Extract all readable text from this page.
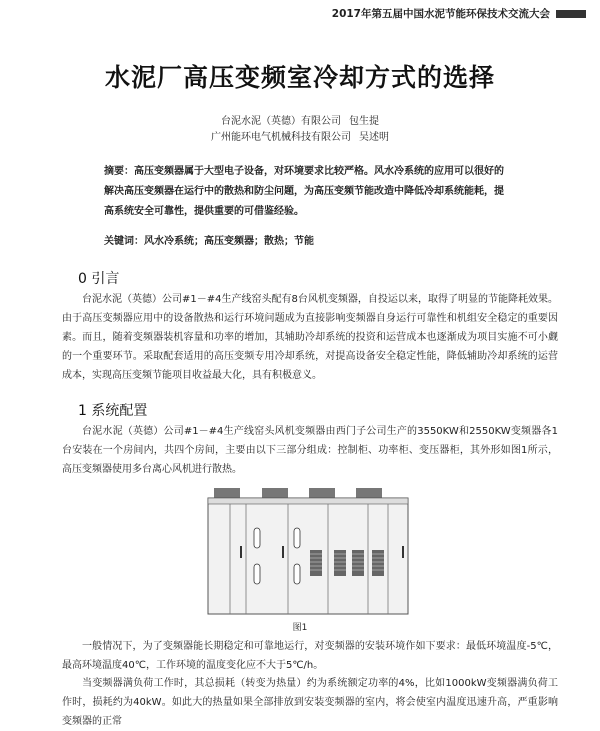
2017年第五届中国水泥节能环保技术交流大会
水泥厂高压变频室冷却方式的选择
台泥水泥（英德）有限公司 包生提
广州能环电气机械科技有限公司 吴述明
摘要：高压变频器属于大型电子设备，对环境要求比较严格。风水冷系统的应用可以很好的解决高压变频器在运行中的散热和防尘问题，为高压变频节能改造中降低冷却系统能耗，提高系统安全可靠性，提供重要的可借鉴经验。
关键词：风水冷系统；高压变频器；散热；节能
0 引言
台泥水泥（英德）公司#1－#4生产线窑头配有8台风机变频器，自投运以来，取得了明显的节能降耗效果。由于高压变频器应用中的设备散热和运行环境问题成为直接影响变频器自身运行可靠性和机组安全稳定的重要因素。而且，随着变频器装机容量和功率的增加，其辅助冷却系统的投资和运营成本也逐渐成为项目实施不可小觑的一个重要环节。采取配套适用的高压变频专用冷却系统，对提高设备安全稳定性能，降低辅助冷却系统的运营成本，实现高压变频节能项目收益最大化，具有积极意义。
1 系统配置
台泥水泥（英德）公司#1－#4生产线窑头风机变频器由西门子公司生产的3550KW和2550KW变频器各1台安装在一个房间内，共四个房间，主要由以下三部分组成：控制柜、功率柜、变压器柜，其外形如图1所示，高压变频器使用多台离心风机进行散热。
图1
一般情况下，为了变频器能长期稳定和可靠地运行，对变频器的安装环境作如下要求：最低环境温度-5℃，最高环境温度40℃，工作环境的温度变化应不大于5℃/h。
当变频器满负荷工作时，其总损耗（转变为热量）约为系统额定功率的4%，比如1000kW变频器满负荷工作时，损耗约为40kW。如此大的热量如果全部排放到安装变频器的室内，将会使室内温度迅速升高，严重影响变频器的正常
